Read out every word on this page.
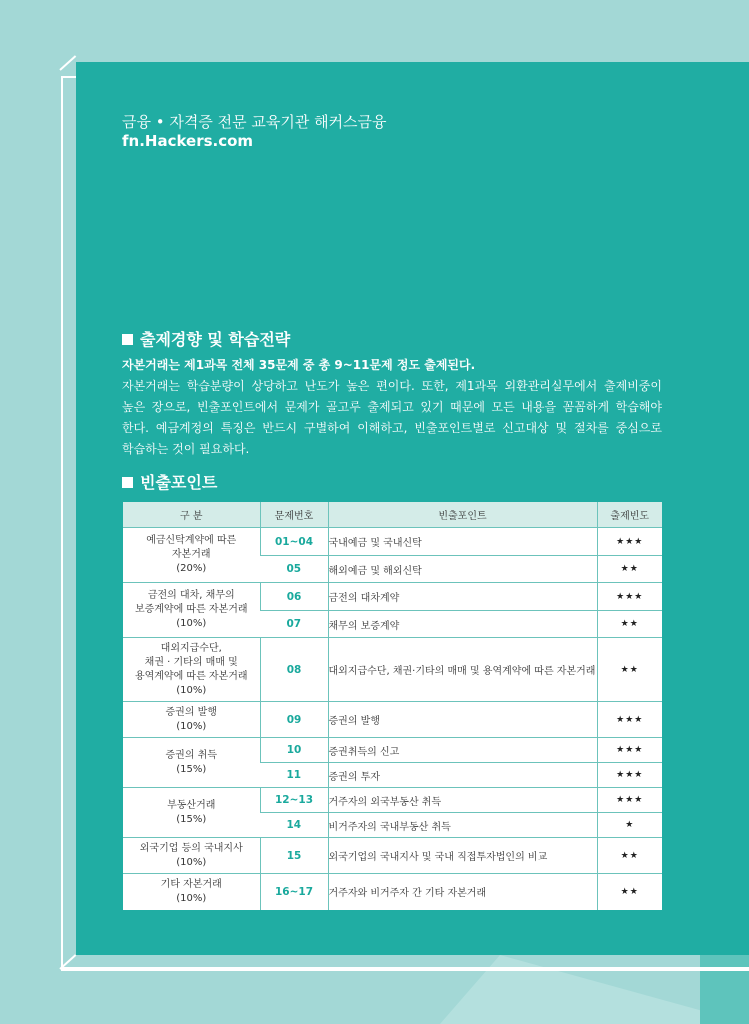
금융 • 자격증 전문 교육기관 해커스금융
fn.Hackers.com
출제경향 및 학습전략
자본거래는 제1과목 전체 35문제 중 총 9~11문제 정도 출제된다.
자본거래는 학습분량이 상당하고 난도가 높은 편이다. 또한, 제1과목 외환관리실무에서 출제비중이 높은 장으로, 빈출포인트에서 문제가 골고루 출제되고 있기 때문에 모든 내용을 꼼꼼하게 학습해야 한다. 예금계정의 특징은 반드시 구별하여 이해하고, 빈출포인트별로 신고대상 및 절차를 중심으로 학습하는 것이 필요하다.
빈출포인트
구 분	문제번호	빈출포인트	출제빈도

예금신탁계약에 따른
자본거래
(20%)	01~04	국내예금 및 국내신탁	★★★
	05	해외예금 및 해외신탁	★★

금전의 대차, 채무의
보증계약에 따른 자본거래
(10%)	06	금전의 대차계약	★★★
	07	채무의 보증계약	★★

대외지급수단,
채권 · 기타의 매매 및
용역계약에 따른 자본거래
(10%)	08	대외지급수단, 채권·기타의 매매 및 용역계약에 따른 자본거래	★★

증권의 발행
(10%)	09	증권의 발행	★★★

증권의 취득
(15%)	10	증권취득의 신고	★★★
	11	증권의 투자	★★★

부동산거래
(15%)	12~13	거주자의 외국부동산 취득	★★★
	14	비거주자의 국내부동산 취득	★

외국기업 등의 국내지사
(10%)	15	외국기업의 국내지사 및 국내 직접투자법인의 비교	★★

기타 자본거래
(10%)	16~17	거주자와 비거주자 간 기타 자본거래	★★
